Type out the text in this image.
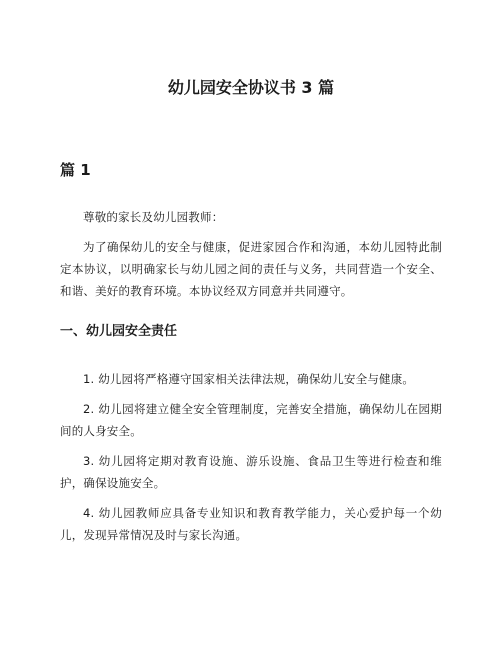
幼儿园安全协议书 3 篇
篇 1

尊敬的家长及幼儿园教师：

为了确保幼儿的安全与健康，促进家园合作和沟通，本幼儿园特此制定本协议，以明确家长与幼儿园之间的责任与义务，共同营造一个安全、和谐、美好的教育环境。本协议经双方同意并共同遵守。

一、幼儿园安全责任

1. 幼儿园将严格遵守国家相关法律法规，确保幼儿安全与健康。

2. 幼儿园将建立健全安全管理制度，完善安全措施，确保幼儿在园期间的人身安全。

3. 幼儿园将定期对教育设施、游乐设施、食品卫生等进行检查和维护，确保设施安全。

4. 幼儿园教师应具备专业知识和教育教学能力，关心爱护每一个幼儿，发现异常情况及时与家长沟通。
